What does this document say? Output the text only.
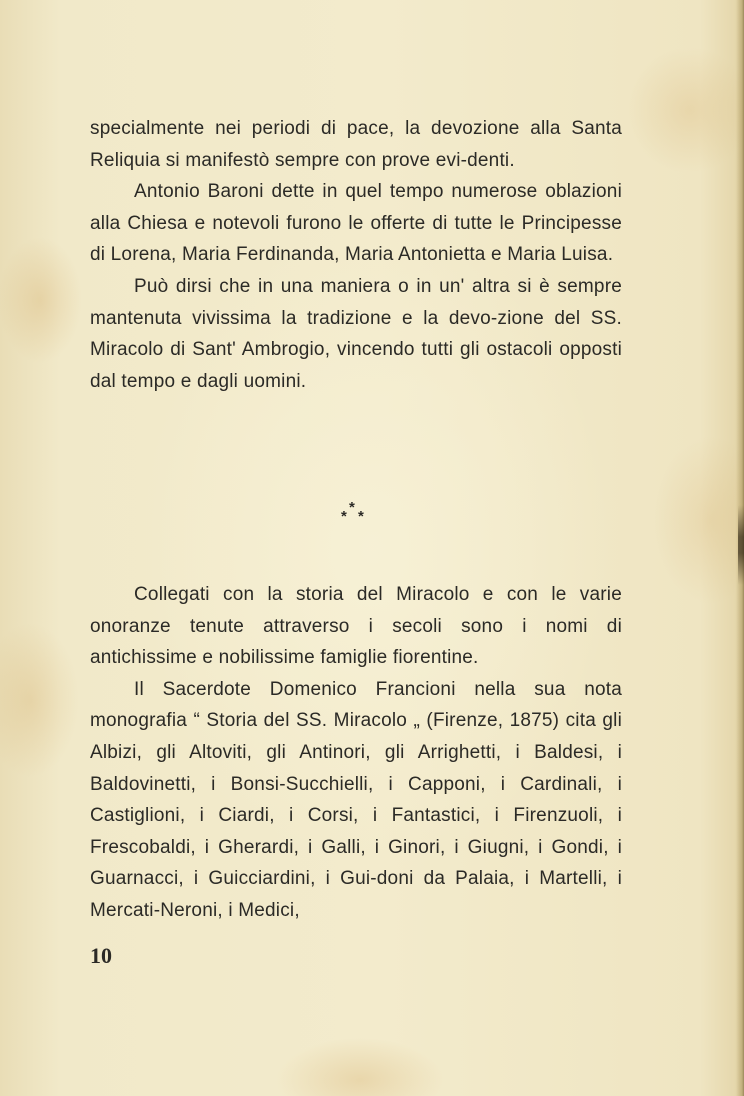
specialmente nei periodi di pace, la devozione alla Santa Reliquia si manifestò sempre con prove evi-denti.

Antonio Baroni dette in quel tempo numerose oblazioni alla Chiesa e notevoli furono le offerte di tutte le Principesse di Lorena, Maria Ferdinanda, Maria Antonietta e Maria Luisa.

Può dirsi che in una maniera o in un' altra si è sempre mantenuta vivissima la tradizione e la devo-zione del SS. Miracolo di Sant' Ambrogio, vincendo tutti gli ostacoli opposti dal tempo e dagli uomini.

*
* *

Collegati con la storia del Miracolo e con le varie onoranze tenute attraverso i secoli sono i nomi di antichissime e nobilissime famiglie fiorentine.

Il Sacerdote Domenico Francioni nella sua nota monografia “ Storia del SS. Miracolo „ (Firenze, 1875) cita gli Albizi, gli Altoviti, gli Antinori, gli Arrighetti, i Baldesi, i Baldovinetti, i Bonsi-Succhielli, i Capponi, i Cardinali, i Castiglioni, i Ciardi, i Corsi, i Fantastici, i Firenzuoli, i Frescobaldi, i Gherardi, i Galli, i Ginori, i Giugni, i Gondi, i Guarnacci, i Guicciardini, i Gui-doni da Palaia, i Martelli, i Mercati-Neroni, i Medici,

10
